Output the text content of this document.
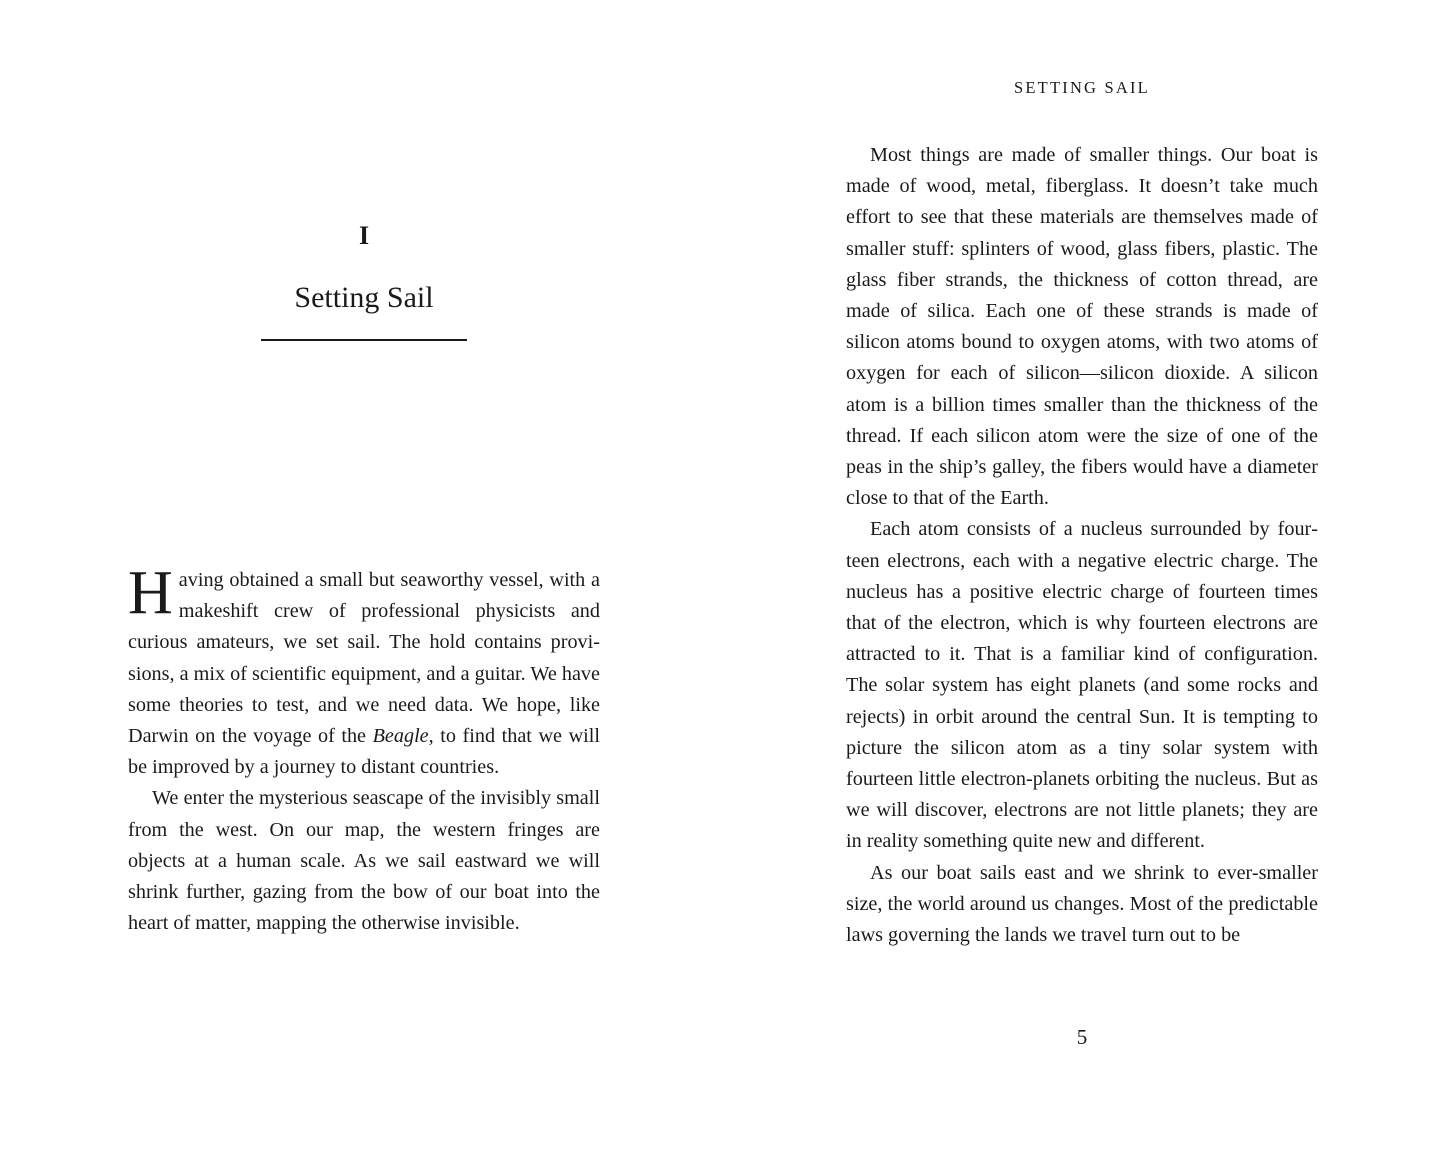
I
Setting Sail

Having obtained a small but seaworthy vessel, with a makeshift crew of professional physicists and curious amateurs, we set sail. The hold contains provisions, a mix of scientific equipment, and a guitar. We have some theories to test, and we need data. We hope, like Darwin on the voyage of the Beagle, to find that we will be improved by a journey to distant countries.

We enter the mysterious seascape of the invisibly small from the west. On our map, the western fringes are objects at a human scale. As we sail eastward we will shrink further, gazing from the bow of our boat into the heart of matter, mapping the otherwise invisible.

SETTING SAIL

Most things are made of smaller things. Our boat is made of wood, metal, fiberglass. It doesn’t take much effort to see that these materials are themselves made of smaller stuff: splinters of wood, glass fibers, plastic. The glass fiber strands, the thickness of cotton thread, are made of silica. Each one of these strands is made of silicon atoms bound to oxygen atoms, with two atoms of oxygen for each of silicon—silicon dioxide. A silicon atom is a billion times smaller than the thickness of the thread. If each silicon atom were the size of one of the peas in the ship’s galley, the fibers would have a diameter close to that of the Earth.

Each atom consists of a nucleus surrounded by fourteen electrons, each with a negative electric charge. The nucleus has a positive electric charge of fourteen times that of the electron, which is why fourteen electrons are attracted to it. That is a familiar kind of configuration. The solar system has eight planets (and some rocks and rejects) in orbit around the central Sun. It is tempting to picture the silicon atom as a tiny solar system with fourteen little electron-planets orbiting the nucleus. But as we will discover, electrons are not little planets; they are in reality something quite new and different.

As our boat sails east and we shrink to ever-smaller size, the world around us changes. Most of the predictable laws governing the lands we travel turn out to be

5
